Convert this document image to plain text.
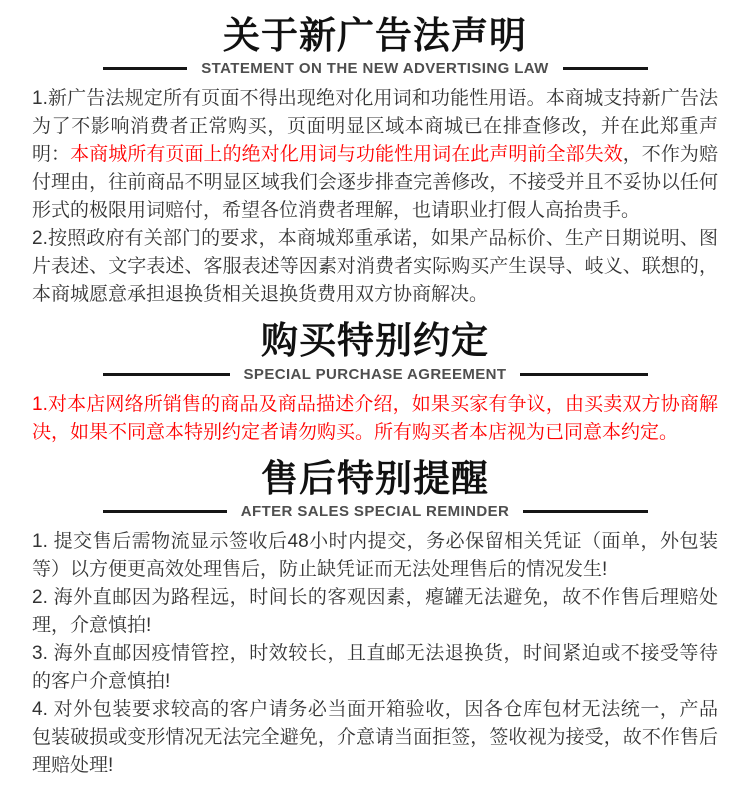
关于新广告法声明
STATEMENT ON THE NEW ADVERTISING LAW

1.新广告法规定所有页面不得出现绝对化用词和功能性用语。本商城支持新广告法为了不影响消费者正常购买，页面明显区域本商城已在排查修改，并在此郑重声明：本商城所有页面上的绝对化用词与功能性用词在此声明前全部失效，不作为赔付理由，往前商品不明显区域我们会逐步排查完善修改，不接受并且不妥协以任何形式的极限用词赔付，希望各位消费者理解，也请职业打假人高抬贵手。

2.按照政府有关部门的要求，本商城郑重承诺，如果产品标价、生产日期说明、图片表述、文字表述、客服表述等因素对消费者实际购买产生误导、岐义、联想的，本商城愿意承担退换货相关退换货费用双方协商解决。

购买特别约定
SPECIAL PURCHASE AGREEMENT

1.对本店网络所销售的商品及商品描述介绍，如果买家有争议，由买卖双方协商解决，如果不同意本特别约定者请勿购买。所有购买者本店视为已同意本约定。

售后特别提醒
AFTER SALES SPECIAL REMINDER

1. 提交售后需物流显示签收后48小时内提交，务必保留相关凭证（面单，外包装等）以方便更高效处理售后，防止缺凭证而无法处理售后的情况发生!

2. 海外直邮因为路程远，时间长的客观因素，瘪罐无法避免，故不作售后理赔处理，介意慎拍!

3. 海外直邮因疫情管控，时效较长，且直邮无法退换货，时间紧迫或不接受等待的客户介意慎拍!

4. 对外包装要求较高的客户请务必当面开箱验收，因各仓库包材无法统一，产品包装破损或变形情况无法完全避免，介意请当面拒签，签收视为接受，故不作售后理赔处理!
